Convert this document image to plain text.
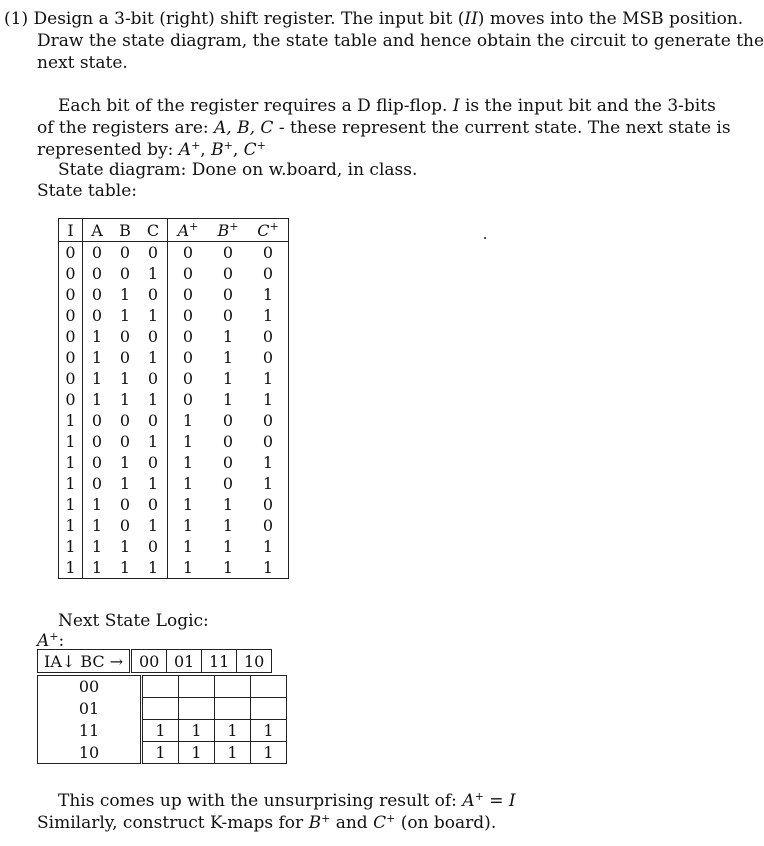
(1) Design a 3-bit (right) shift register. The input bit (II) moves into the MSB position.
Draw the state diagram, the state table and hence obtain the circuit to generate the
next state.
Each bit of the register requires a D flip-flop. I is the input bit and the 3-bits
of the registers are: A, B, C - these represent the current state. The next state is
represented by: A+, B+, C+
State diagram: Done on w.board, in class.
State table:
I	A	B	C	A+	B+	C+
0	0	0	0	0	0	0
0	0	0	1	0	0	0
0	0	1	0	0	0	1
0	0	1	1	0	0	1
0	1	0	0	0	1	0
0	1	0	1	0	1	0
0	1	1	0	0	1	1
0	1	1	1	0	1	1
1	0	0	0	1	0	0
1	0	0	1	1	0	0
1	0	1	0	1	0	1
1	0	1	1	1	0	1
1	1	0	0	1	1	0
1	1	0	1	1	1	0
1	1	1	0	1	1	1
1	1	1	1	1	1	1
Next State Logic:
A+:
IA↓ BC →	00	01	11	10
00				
01				
11	1	1	1	1
10	1	1	1	1
This comes up with the unsurprising result of: A+ = I
Similarly, construct K-maps for B+ and C+ (on board).
